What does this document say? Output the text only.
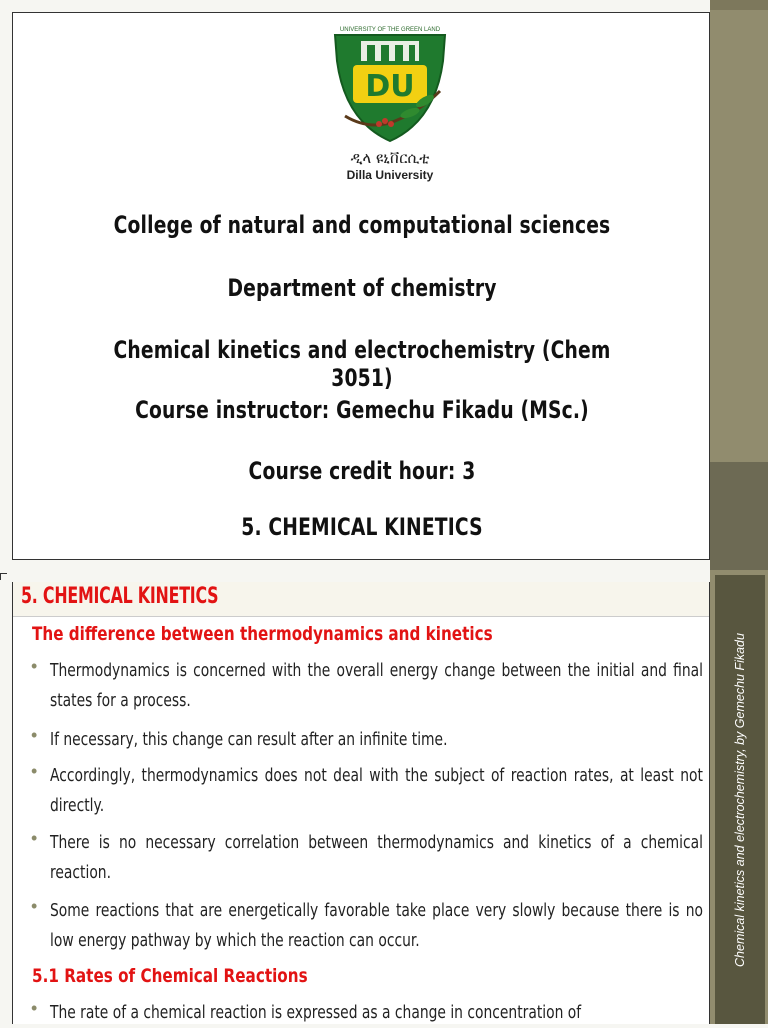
Chemical kinetics and electrochemistry, by Gemechu Fikadu
UNIVERSITY OF THE GREEN LAND
DU
ዲላ ዩኒቨርሲቲ
Dilla University
College of natural and computational sciences
Department of chemistry
Chemical kinetics and electrochemistry (Chem 3051)
Course instructor: Gemechu Fikadu (MSc.)
Course credit hour: 3
5. CHEMICAL KINETICS
5. CHEMICAL KINETICS
The difference between thermodynamics and kinetics
• Thermodynamics is concerned with the overall energy change between the initial and final states for a process.
• If necessary, this change can result after an infinite time.
• Accordingly, thermodynamics does not deal with the subject of reaction rates, at least not directly.
• There is no necessary correlation between thermodynamics and kinetics of a chemical reaction.
• Some reactions that are energetically favorable take place very slowly because there is no low energy pathway by which the reaction can occur.
5.1 Rates of Chemical Reactions
• The rate of a chemical reaction is expressed as a change in concentration of
